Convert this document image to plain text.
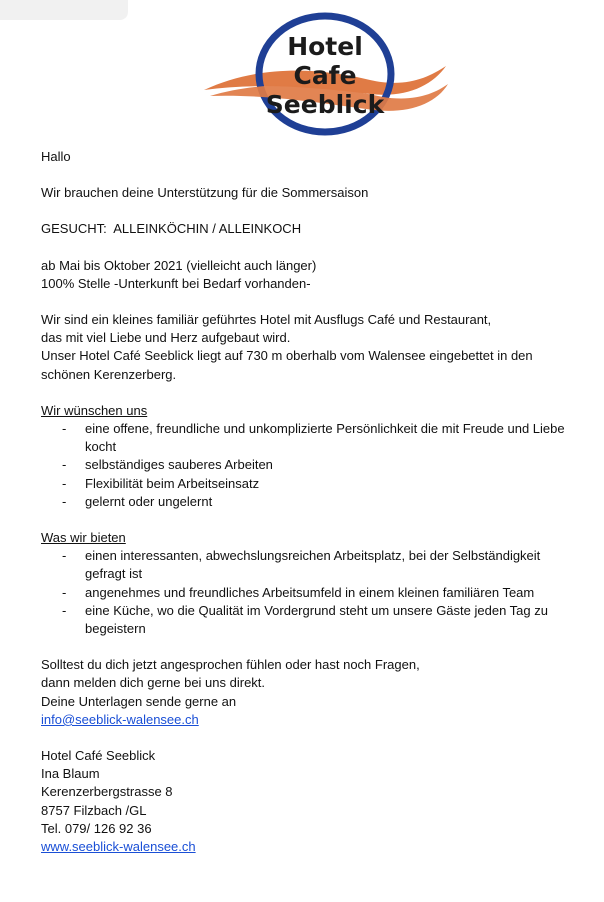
Hotel
Cafe
Seeblick

Hallo

Wir brauchen deine Unterstützung für die Sommersaison

GESUCHT:  ALLEINKÖCHIN / ALLEINKOCH

ab Mai bis Oktober 2021 (vielleicht auch länger)

100% Stelle -Unterkunft bei Bedarf vorhanden-

Wir sind ein kleines familiär geführtes Hotel mit Ausflugs Café und Restaurant,

das mit viel Liebe und Herz aufgebaut wird.

Unser Hotel Café Seeblick liegt auf 730 m oberhalb vom Walensee eingebettet in den

schönen Kerenzerberg.

Wir wünschen uns

- eine offene, freundliche und unkomplizierte Persönlichkeit die mit Freude und Liebe kocht
- selbständiges sauberes Arbeiten
- Flexibilität beim Arbeitseinsatz
- gelernt oder ungelernt

Was wir bieten

- einen interessanten, abwechslungsreichen Arbeitsplatz, bei der Selbständigkeit gefragt ist
- angenehmes und freundliches Arbeitsumfeld in einem kleinen familiären Team
- eine Küche, wo die Qualität im Vordergrund steht um unsere Gäste jeden Tag zu begeistern

Solltest du dich jetzt angesprochen fühlen oder hast noch Fragen,

dann melden dich gerne bei uns direkt.

Deine Unterlagen sende gerne an

info@seeblick-walensee.ch

Hotel Café Seeblick

Ina Blaum

Kerenzerbergstrasse 8

8757 Filzbach /GL

Tel. 079/ 126 92 36

www.seeblick-walensee.ch
